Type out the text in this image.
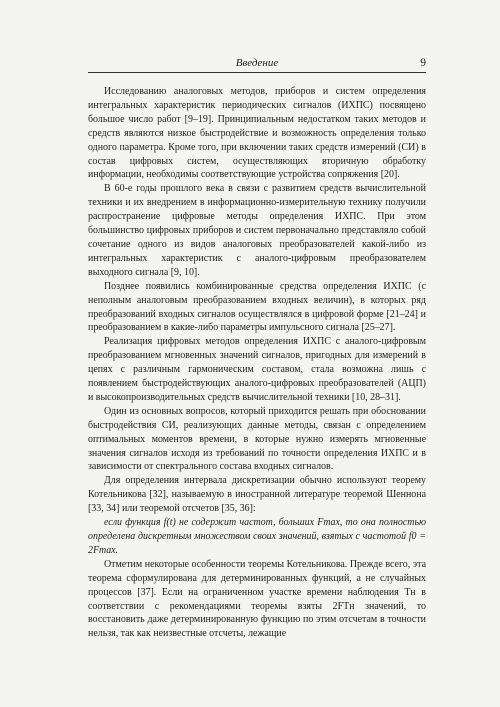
Введение	9

Исследованию аналоговых методов, приборов и систем определения интегральных характеристик периодических сигналов (ИХПС) посвящено большое число работ [9–19]. Принципиальным недостатком таких методов и средств являются низкое быстродействие и возможность определения только одного параметра. Кроме того, при включении таких средств измерений (СИ) в состав цифровых систем, осуществляющих вторичную обработку информации, необходимы соответствующие устройства сопряжения [20].

В 60-е годы прошлого века в связи с развитием средств вычислительной техники и их внедрением в информационно-измерительную технику получили распространение цифровые методы определения ИХПС. При этом большинство цифровых приборов и систем первоначально представляло собой сочетание одного из видов аналоговых преобразователей какой-либо из интегральных характеристик с аналого-цифровым преобразователем выходного сигнала [9, 10].

Позднее появились комбинированные средства определения ИХПС (с неполным аналоговым преобразованием входных величин), в которых ряд преобразований входных сигналов осуществлялся в цифровой форме [21–24] и преобразованием в какие-либо параметры импульсного сигнала [25–27].

Реализация цифровых методов определения ИХПС с аналого-цифровым преобразованием мгновенных значений сигналов, пригодных для измерений в цепях с различным гармоническим составом, стала возможна лишь с появлением быстродействующих аналого-цифровых преобразователей (АЦП) и высокопроизводительных средств вычислительной техники [10, 28–31].

Один из основных вопросов, который приходится решать при обосновании быстродействия СИ, реализующих данные методы, связан с определением оптимальных моментов времени, в которые нужно измерять мгновенные значения сигналов исходя из требований по точности определения ИХПС и в зависимости от спектрального состава входных сигналов.

Для определения интервала дискретизации обычно используют теорему Котельникова [32], называемую в иностранной литературе теоремой Шеннона [33, 34] или теоремой отсчетов [35, 36]:

если функция f(t) не содержит частот, больших Fmax, то она полностью определена дискретным множеством своих значений, взятых с частотой f0 = 2Fmax.

Отметим некоторые особенности теоремы Котельникова. Прежде всего, эта теорема сформулирована для детерминированных функций, а не случайных процессов [37]. Если на ограниченном участке времени наблюдения Tн в соответствии с рекомендациями теоремы взяты 2FTн значений, то восстановить даже детерминированную функцию по этим отсчетам в точности нельзя, так как неизвестные отсчеты, лежащие
